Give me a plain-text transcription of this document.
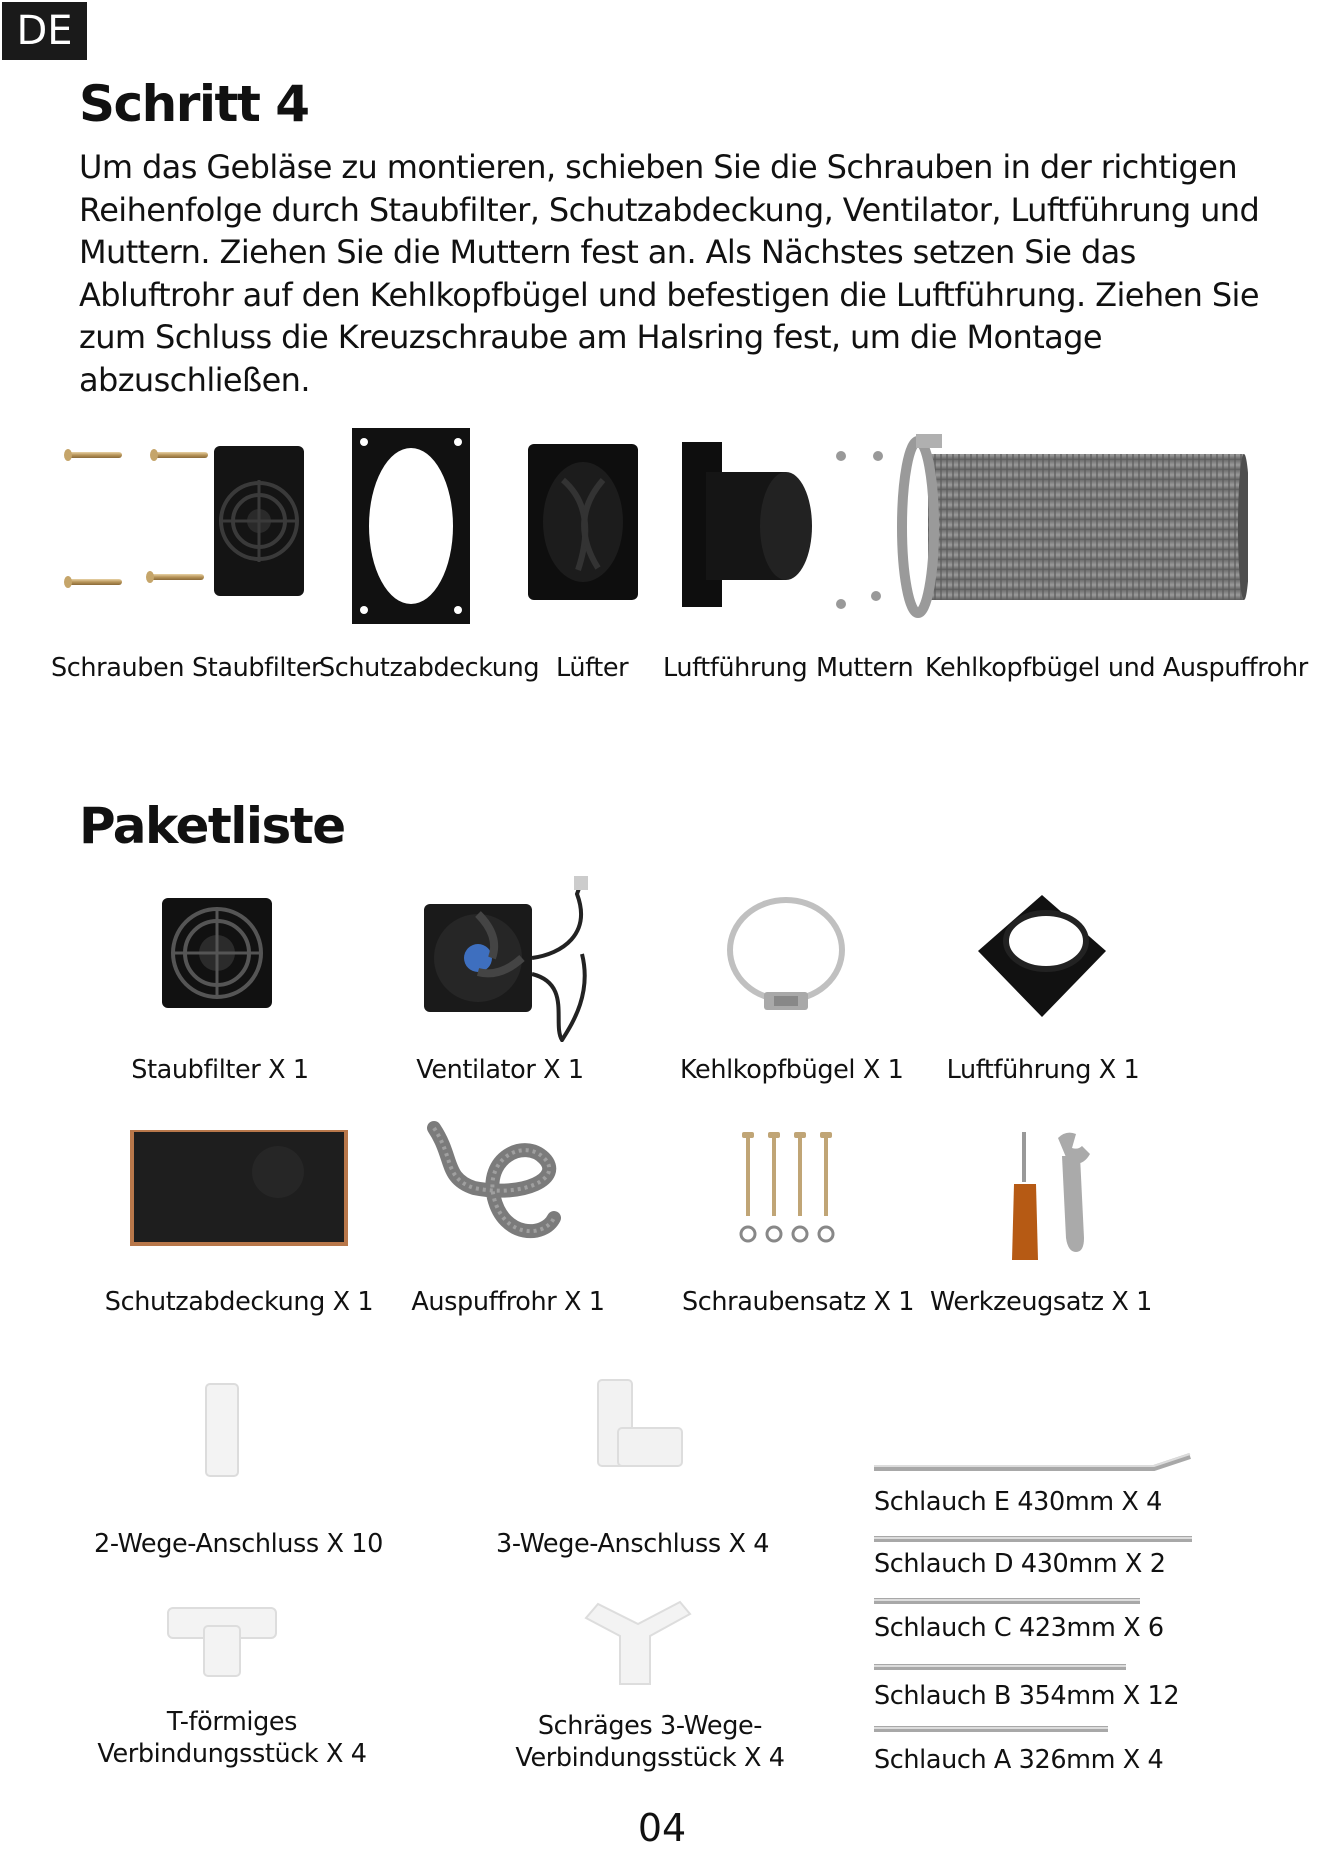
DE
Schritt 4
Um das Gebläse zu montieren, schieben Sie die Schrauben in der richtigen
Reihenfolge durch Staubfilter, Schutzabdeckung, Ventilator, Luftführung und
Muttern. Ziehen Sie die Muttern fest an. Als Nächstes setzen Sie das
Abluftrohr auf den Kehlkopfbügel und befestigen die Luftführung. Ziehen Sie
zum Schluss die Kreuzschraube am Halsring fest, um die Montage
abzuschließen.
Schrauben Staubfilter
Schutzabdeckung Lüfter Luftführung Muttern Kehlkopfbügel und Auspuffrohr
Paketliste
Staubfilter X 1	Ventilator X 1	Kehlkopfbügel X 1 Luftführung X 1
Schutzabdeckung X 1	Auspuffrohr X 1	Schraubensatz X 1 Werkzeugsatz X 1
2-Wege-Anschluss X 10	3-Wege-Anschluss X 4
T-förmiges
Verbindungsstück X 4
Schräges 3-Wege-
Verbindungsstück X 4
Schlauch E 430mm X 4
Schlauch D 430mm X 2
Schlauch C 423mm X 6
Schlauch B 354mm X 12
Schlauch A 326mm X 4
04
